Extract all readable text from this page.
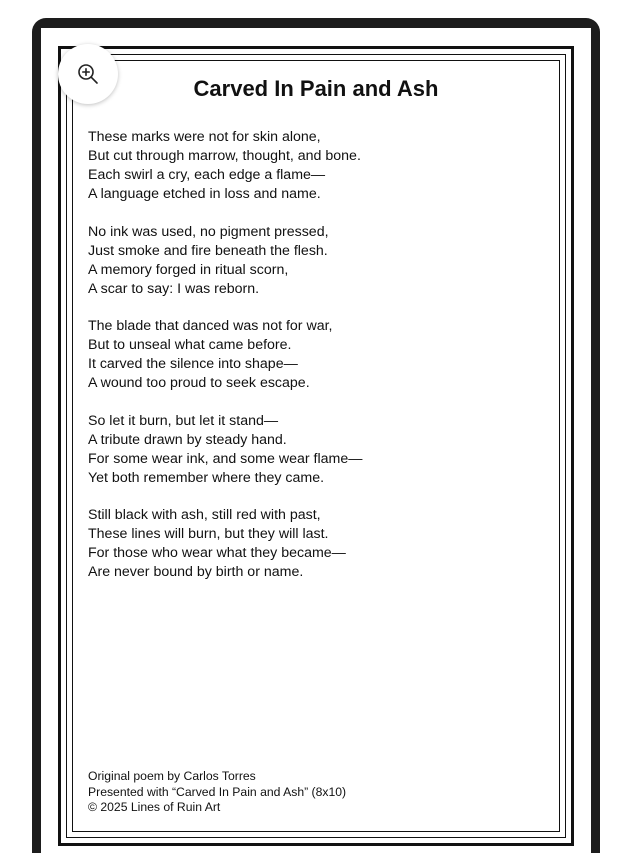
Carved In Pain and Ash
These marks were not for skin alone,
But cut through marrow, thought, and bone.
Each swirl a cry, each edge a flame—
A language etched in loss and name.
No ink was used, no pigment pressed,
Just smoke and fire beneath the flesh.
A memory forged in ritual scorn,
A scar to say: I was reborn.
The blade that danced was not for war,
But to unseal what came before.
It carved the silence into shape—
A wound too proud to seek escape.
So let it burn, but let it stand—
A tribute drawn by steady hand.
For some wear ink, and some wear flame—
Yet both remember where they came.
Still black with ash, still red with past,
These lines will burn, but they will last.
For those who wear what they became—
Are never bound by birth or name.
Original poem by Carlos Torres
Presented with “Carved In Pain and Ash” (8x10)
© 2025 Lines of Ruin Art
